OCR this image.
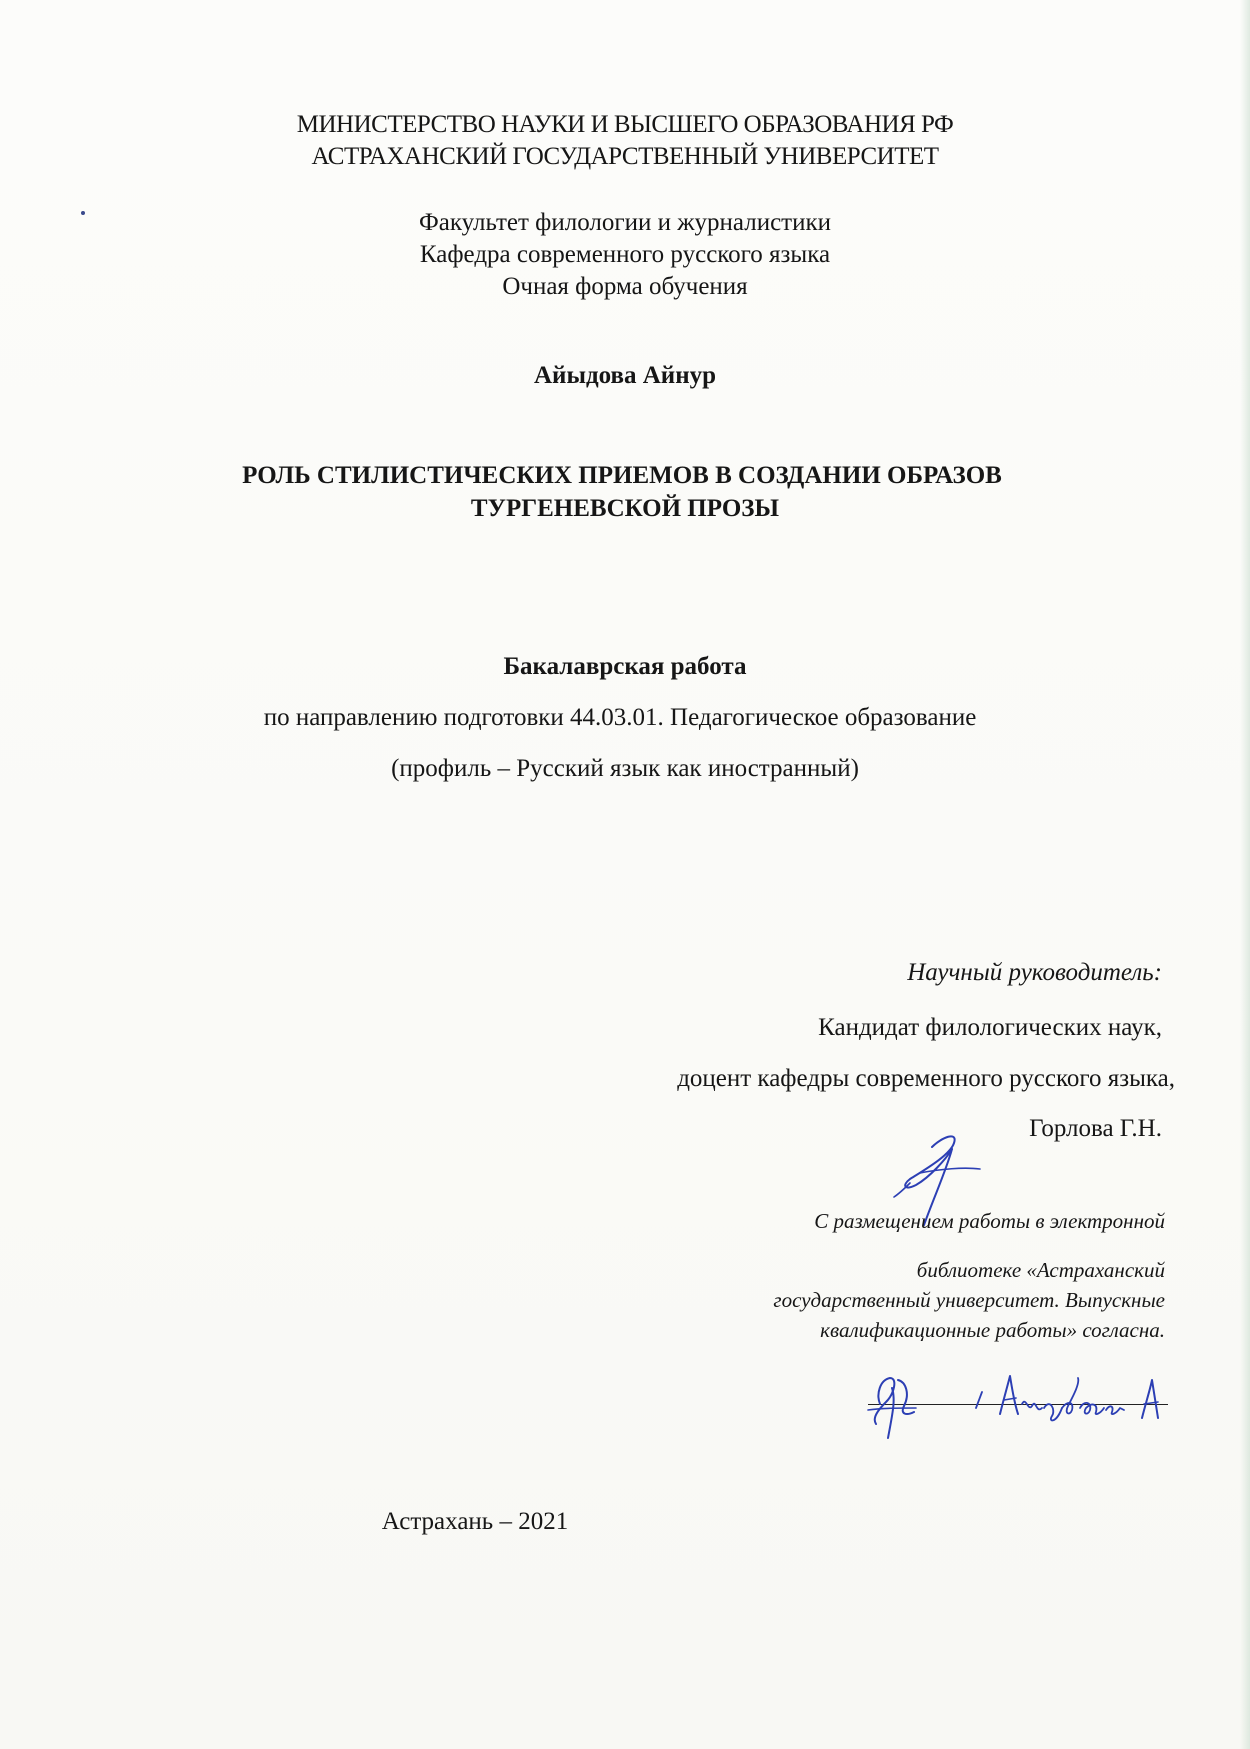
МИНИСТЕРСТВО НАУКИ И ВЫСШЕГО ОБРАЗОВАНИЯ РФ
АСТРАХАНСКИЙ ГОСУДАРСТВЕННЫЙ УНИВЕРСИТЕТ
Факультет филологии и журналистики
Кафедра современного русского языка
Очная форма обучения
Айыдова Айнур
РОЛЬ СТИЛИСТИЧЕСКИХ ПРИЕМОВ В СОЗДАНИИ ОБРАЗОВ
ТУРГЕНЕВСКОЙ ПРОЗЫ
Бакалаврская работа
по направлению подготовки 44.03.01. Педагогическое образование
(профиль – Русский язык как иностранный)
Научный руководитель:
Кандидат филологических наук,
доцент кафедры современного русского языка,
Горлова Г.Н.
С размещением работы в электронной
библиотеке «Астраханский
государственный университет. Выпускные
квалификационные работы» согласна.
Астрахань – 2021
